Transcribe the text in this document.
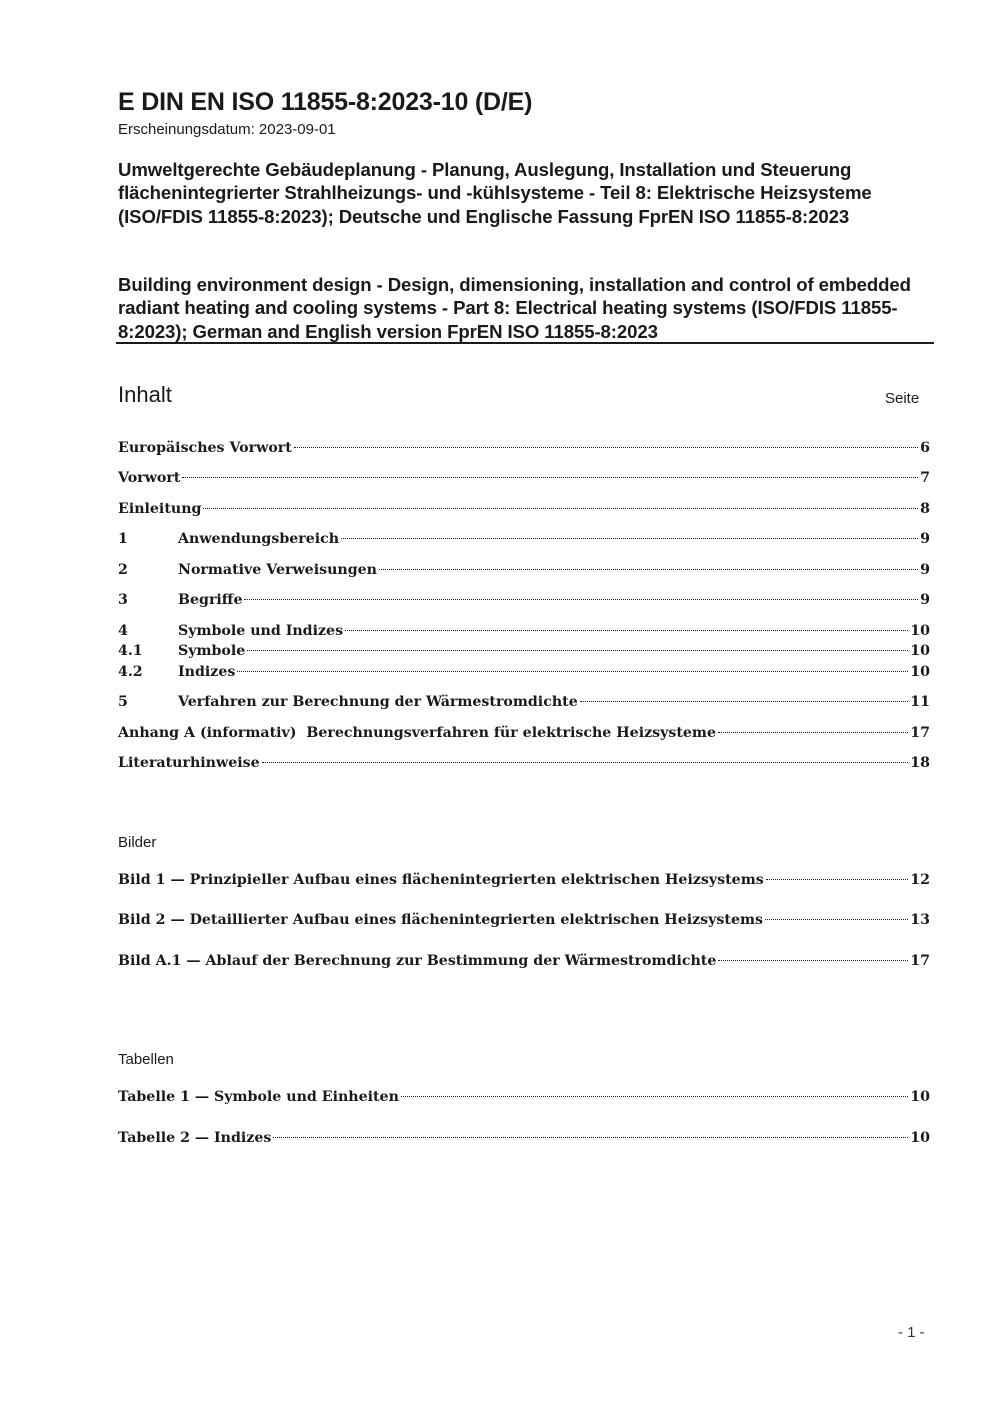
E DIN EN ISO 11855-8:2023-10 (D/E)
Erscheinungsdatum: 2023-09-01
Umweltgerechte Gebäudeplanung - Planung, Auslegung, Installation und Steuerung flächenintegrierter Strahlheizungs- und -kühlsysteme - Teil 8: Elektrische Heizsysteme (ISO/FDIS 11855-8:2023); Deutsche und Englische Fassung FprEN ISO 11855-8:2023
Building environment design - Design, dimensioning, installation and control of embedded radiant heating and cooling systems - Part 8: Electrical heating systems (ISO/FDIS 11855-8:2023); German and English version FprEN ISO 11855-8:2023
Inhalt	Seite
Europäisches Vorwort	6
Vorwort	7
Einleitung	8
1	Anwendungsbereich	9
2	Normative Verweisungen	9
3	Begriffe	9
4	Symbole und Indizes	10
4.1	Symbole	10
4.2	Indizes	10
5	Verfahren zur Berechnung der Wärmestromdichte	11
Anhang A (informativ)  Berechnungsverfahren für elektrische Heizsysteme	17
Literaturhinweise	18
Bilder
Bild 1 — Prinzipieller Aufbau eines flächenintegrierten elektrischen Heizsystems	12
Bild 2 — Detaillierter Aufbau eines flächenintegrierten elektrischen Heizsystems	13
Bild A.1 — Ablauf der Berechnung zur Bestimmung der Wärmestromdichte	17
Tabellen
Tabelle 1 — Symbole und Einheiten	10
Tabelle 2 — Indizes	10
- 1 -
